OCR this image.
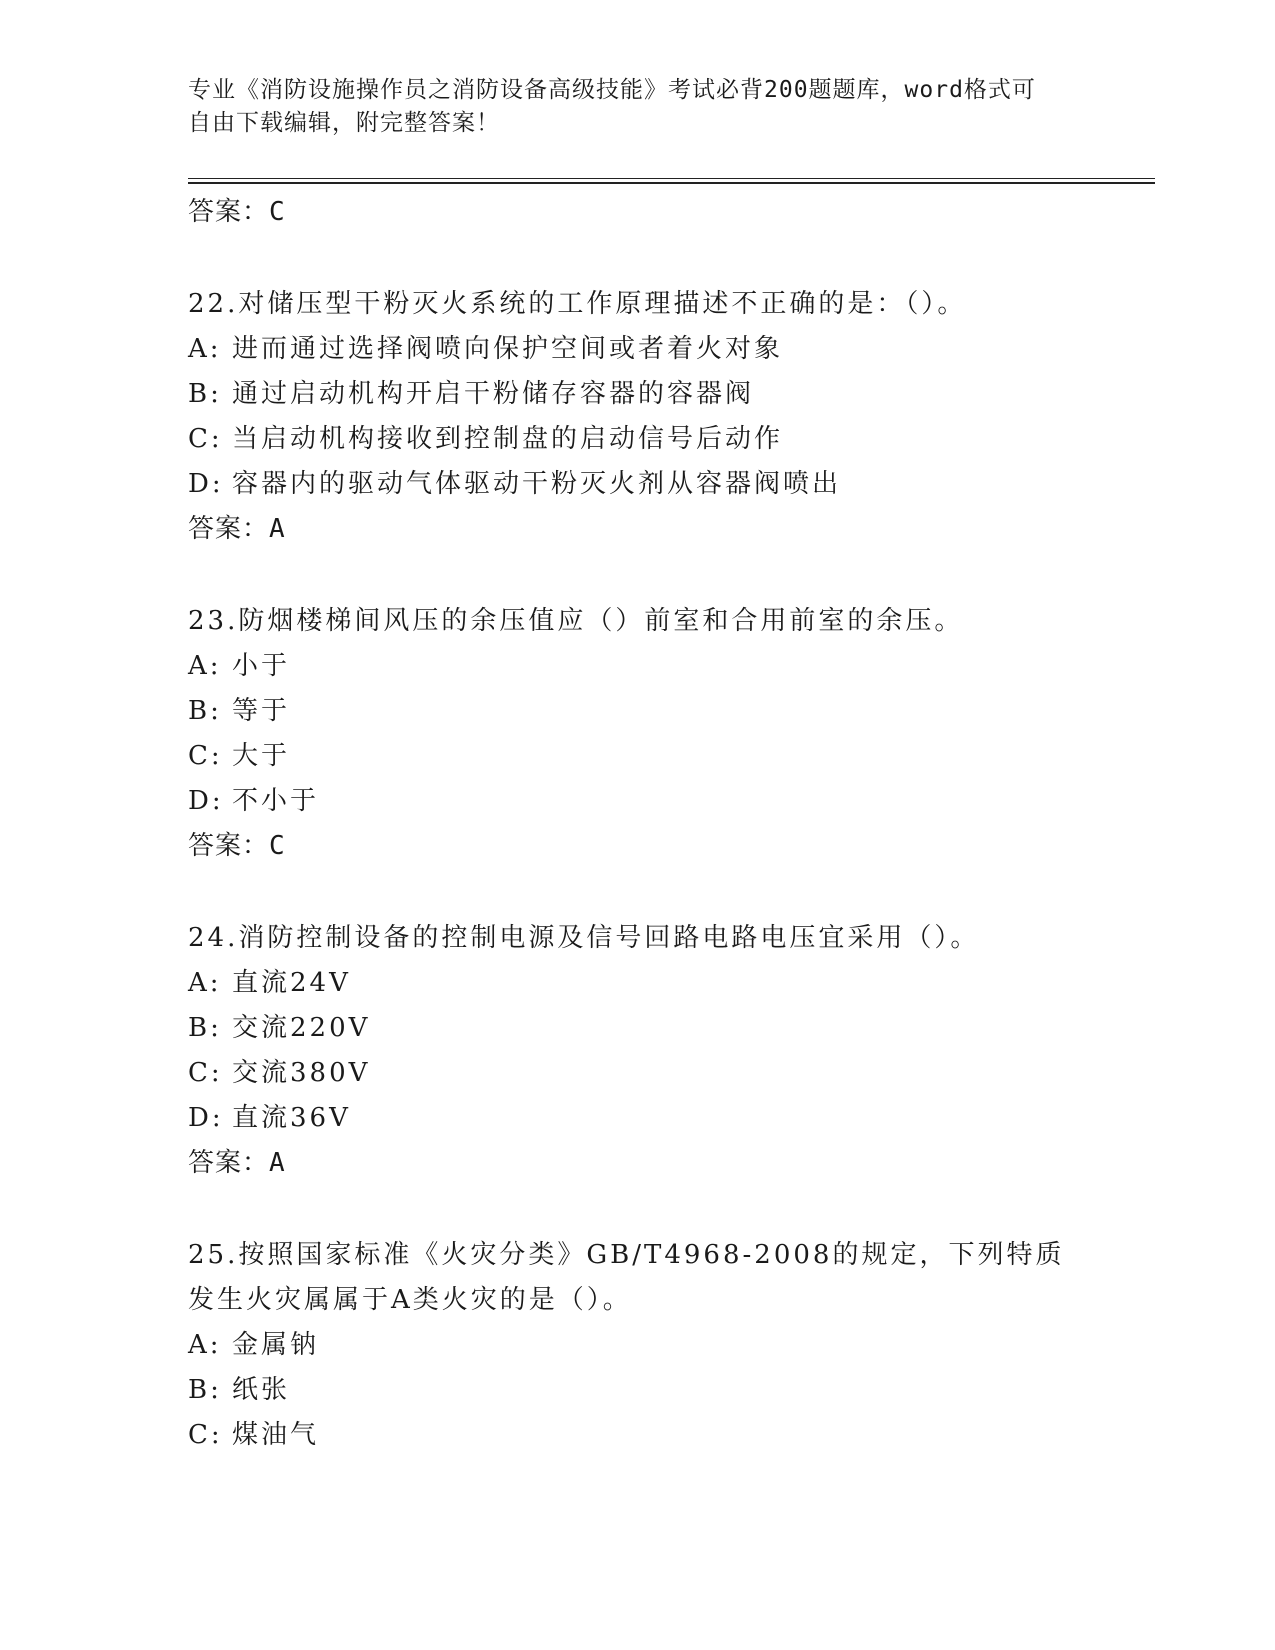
专业《消防设施操作员之消防设备高级技能》考试必背200题题库，word格式可
自由下载编辑，附完整答案！
答案：C
22.对储压型干粉灭火系统的工作原理描述不正确的是：（）。
A: 进而通过选择阀喷向保护空间或者着火对象
B: 通过启动机构开启干粉储存容器的容器阀
C: 当启动机构接收到控制盘的启动信号后动作
D: 容器内的驱动气体驱动干粉灭火剂从容器阀喷出
答案：A
23.防烟楼梯间风压的余压值应（）前室和合用前室的余压。
A: 小于
B: 等于
C: 大于
D: 不小于
答案：C
24.消防控制设备的控制电源及信号回路电路电压宜采用（）。
A: 直流24V
B: 交流220V
C: 交流380V
D: 直流36V
答案：A
25.按照国家标准《火灾分类》GB/T4968-2008的规定，下列特质发生火灾属属于A类火灾的是（）。
A: 金属钠
B: 纸张
C: 煤油气
